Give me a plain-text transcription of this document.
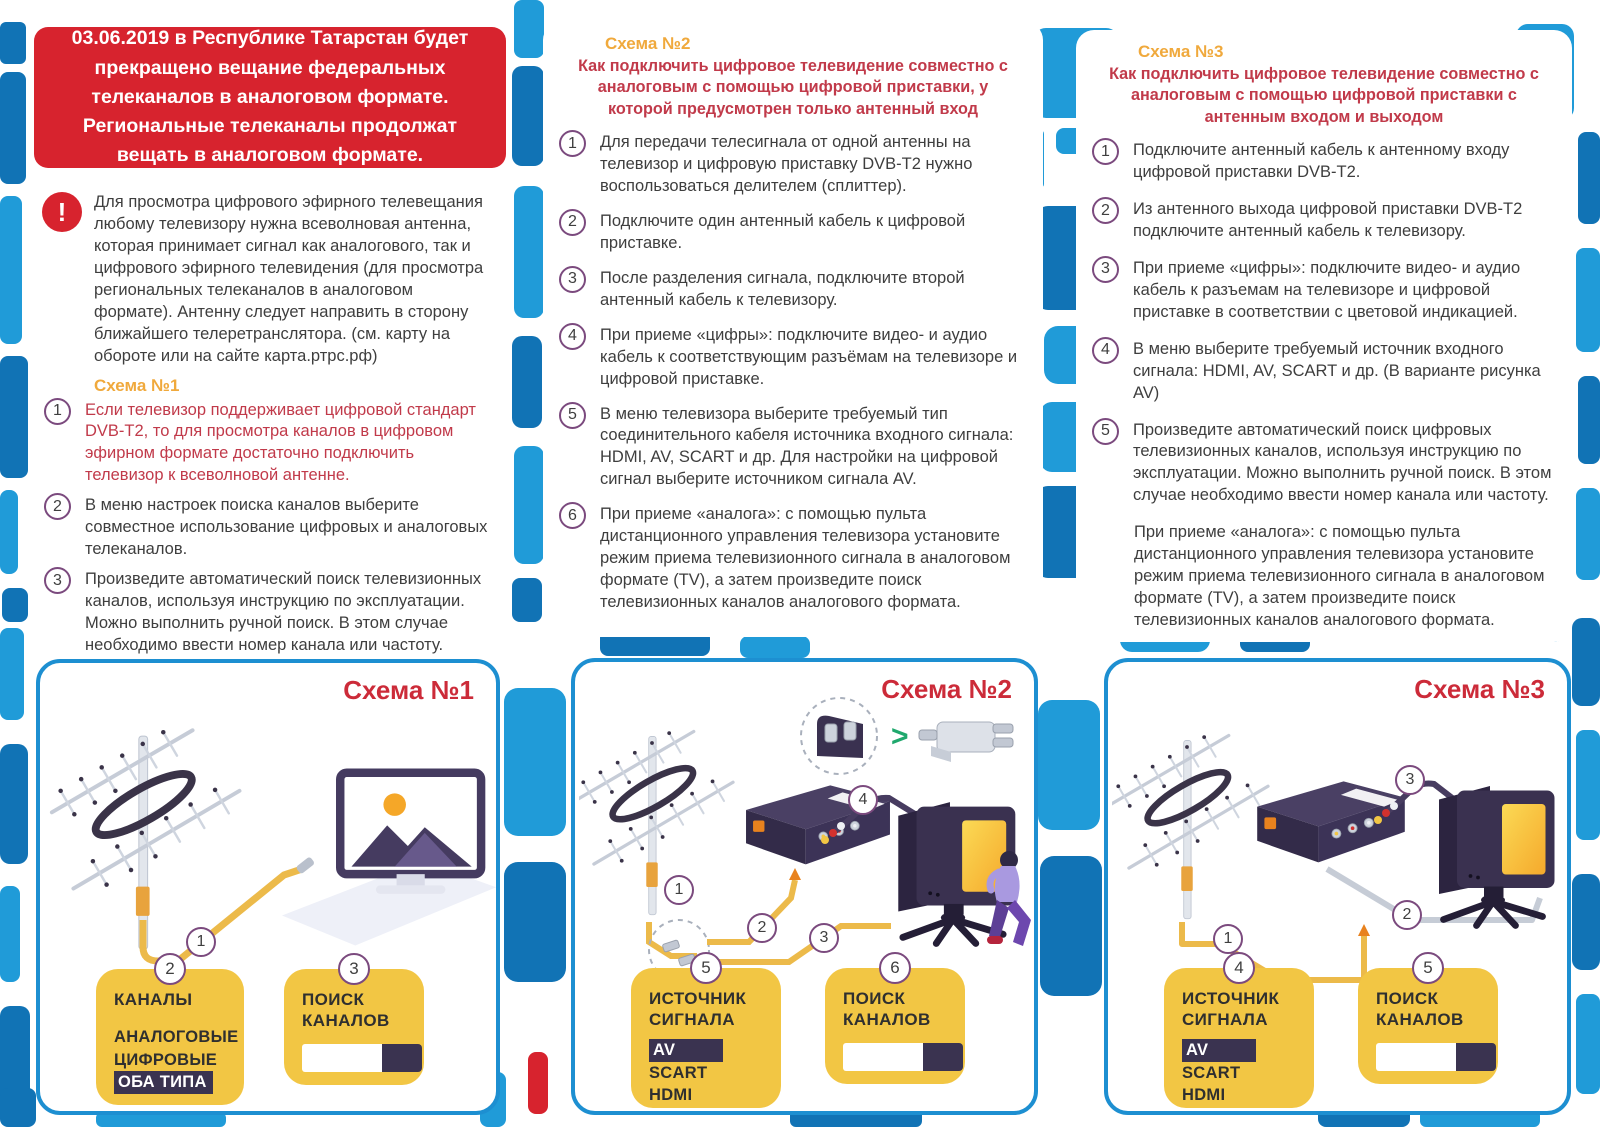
03.06.2019 в Республике Татарстан будет прекращено вещание федеральных телеканалов в аналоговом формате. Региональные телеканалы продолжат вещать в аналоговом формате.

!	Для просмотра цифрового эфирного телевещания любому телевизору нужна всеволновая антенна, которая принимает сигнал как аналогового, так и цифрового эфирного телевидения (для просмотра региональных телеканалов в аналоговом формате). Антенну следует направить в сторону ближайшего телеретранслятора. (см. карту на обороте или на сайте карта.ртрс.рф)
Схема №1
1	Если телевизор поддерживает цифровой стандарт DVB-T2, то для просмотра каналов в цифровом эфирном формате достаточно подключить телевизор к всеволновой антенне.
2	В меню настроек поиска каналов выберите совместное использование цифровых и аналоговых телеканалов.
3	Произведите автоматический поиск телевизионных каналов, используя инструкцию по эксплуатации. Можно выполнить ручной поиск. В этом случае необходимо ввести номер канала или частоту.
Схема №2
Как подключить цифровое телевидение совместно с аналоговым с помощью цифровой приставки, у которой предусмотрен только антенный вход
1	Для передачи телесигнала от одной антенны на телевизор и цифровую приставку DVB-T2 нужно воспользоваться делителем (сплиттер).
2	Подключите один антенный кабель к цифровой приставке.
3	После разделения сигнала, подключите второй антенный кабель к телевизору.
4	При приеме «цифры»: подключите видео- и аудио кабель к соответствующим разъёмам на телевизоре и цифровой приставке.
5	В меню телевизора выберите требуемый тип соединительного кабеля источника входного сигнала: HDMI, AV, SCART и др. Для настройки на цифровой сигнал выберите источником сигнала AV.
6	При приеме «аналога»: с помощью пульта дистанционного управления телевизора установите режим приема телевизионного сигнала в аналоговом формате (TV), а затем произведите поиск телевизионных каналов аналогового формата.
Схема №3
Как подключить цифровое телевидение совместно с аналоговым с помощью цифровой приставки с антенным входом и выходом
1	Подключите антенный кабель к антенному входу цифровой приставки DVB-T2.
2	Из антенного выхода цифровой приставки DVB-T2 подключите антенный кабель к телевизору.
3	При приеме «цифры»: подключите видео- и аудио кабель к разъемам на телевизоре и цифровой приставке в соответствии с цветовой индикацией.
4	В меню выберите требуемый источник входного сигнала: HDMI, AV, SCART и др. (В варианте рисунка AV)
5	Произведите автоматический поиск цифровых телевизионных каналов, используя инструкцию по эксплуатации. Можно выполнить ручной поиск. В этом случае необходимо ввести номер канала или частоту.
При приеме «аналога»: с помощью пульта дистанционного управления телевизора установите режим приема телевизионного сигнала в аналоговом формате (TV), а затем произведите поиск телевизионных каналов аналогового формата.
Схема №1
1
2
КАНАЛЫ
АНАЛОГОВЫЕ
ЦИФРОВЫЕ
ОБА ТИПА
3
ПОИСК КАНАЛОВ
Схема №2
>
1
2
3
4
5
ИСТОЧНИК СИГНАЛА
AV
SCART
HDMI
6
ПОИСК КАНАЛОВ
Схема №3
1
2
3
4
ИСТОЧНИК СИГНАЛА
AV
SCART
HDMI
5
ПОИСК КАНАЛОВ
